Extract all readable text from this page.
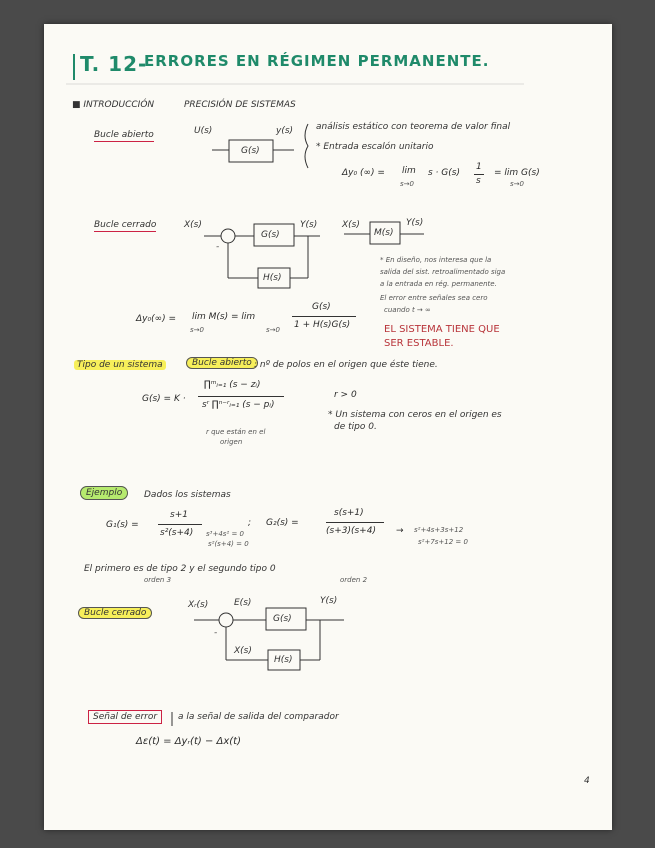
T. 12-
ERRORES EN RÉGIMEN PERMANENTE.
■ INTRODUCCIÓN	PRECISIÓN DE SISTEMAS
Bucle abierto	U(s)
G(s)
y(s)	análisis estático con teorema de valor final
* Entrada escalón unitario
Δy₀ (∞) = lim
s→0
s · G(s)
1
s
= lim G(s)
s→0
Bucle cerrado	X(s)
-
G(s)
Y(s)
H(s)
X(s)
M(s)
Y(s)
* En diseño, nos interesa que la
salida del sist. retroalimentado siga
a la entrada en rég. permanente.
El error entre señales sea cero
cuando t → ∞
Δy₀(∞) = lim M(s) = lim
s→0	s→0
G(s)
1 + H(s)G(s)	EL SISTEMA TIENE QUE
SER ESTABLE.
Tipo de un sistema	Bucle abierto : nº de polos en el origen que éste tiene.
G(s) = K ·
∏ᵐᵢ₌₁ (s − zᵢ)
sʳ ∏ⁿ⁻ʳᵢ₌₁ (s − pᵢ)
r > 0
r que están en el
origen
* Un sistema con ceros en el origen es
de tipo 0.
Ejemplo	Dados los sistemas
G₁(s) =
s+1
s²(s+4) s³+4s² = 0
s²(s+4) = 0
; G₂(s) =
s(s+1)
(s+3)(s+4) → s²+4s+3s+12
s²+7s+12 = 0
El primero es de tipo 2 y el segundo tipo 0
orden 3	orden 2
Bucle cerrado
Xᵣ(s)	E(s)
-
G(s)
Y(s)
X(s)
H(s)
Señal de error	a la señal de salida del comparador
Δε(t) = Δyᵣ(t) − Δx(t)
4
